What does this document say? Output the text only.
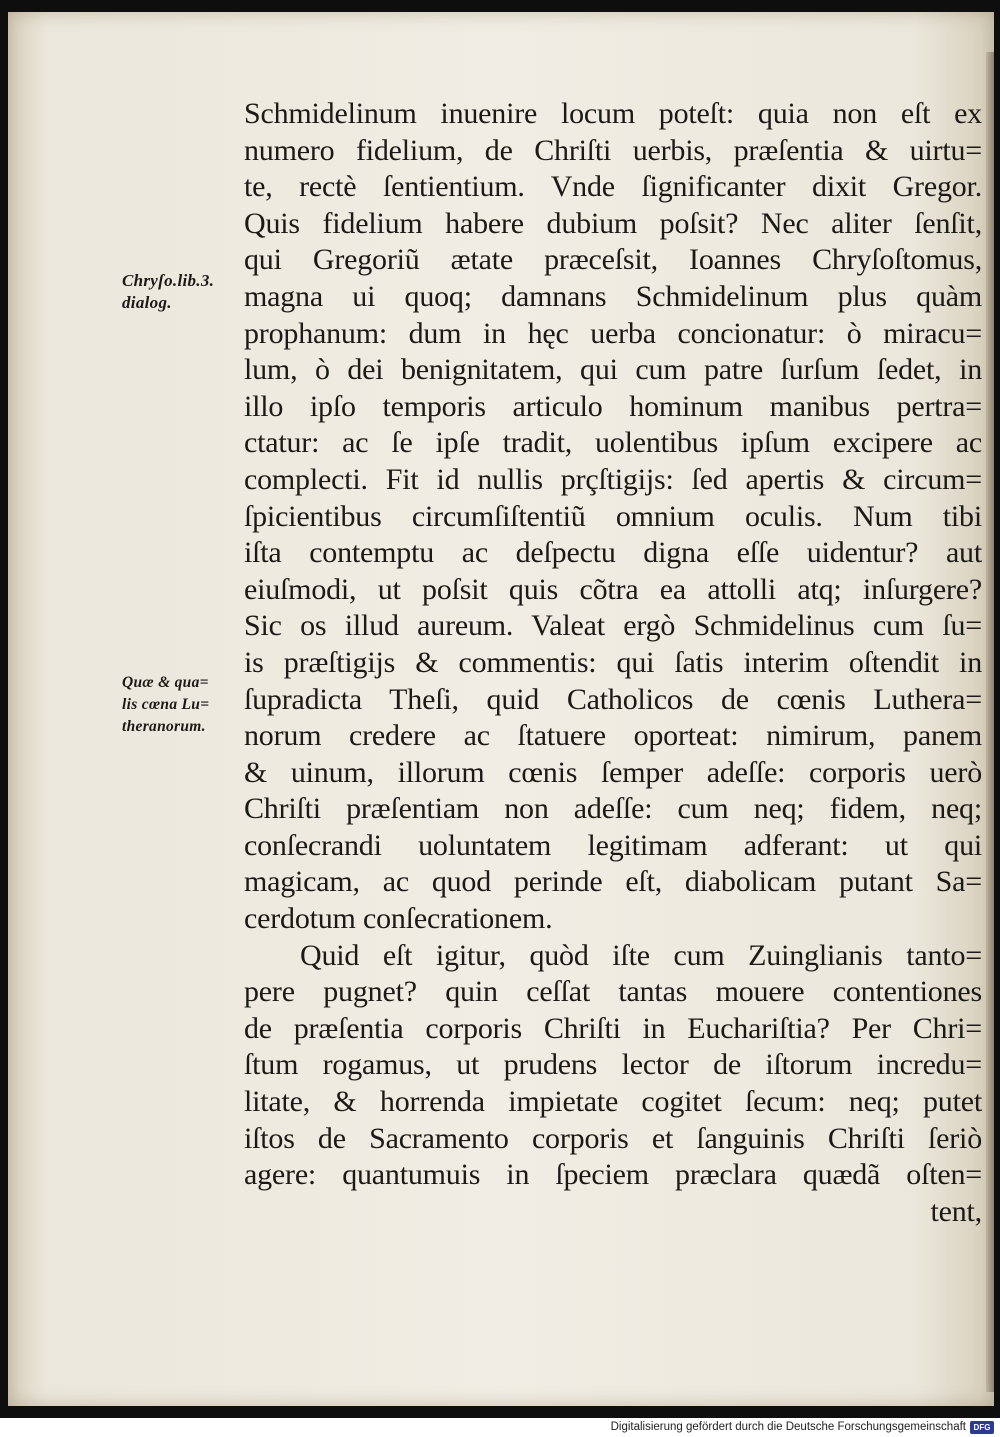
Chryſo.lib.3.
dialog.
Quæ & qua=
lis cœna Lu=
theranorum.
Schmidelinum inuenire locum poteſt: quia non eſt ex
numero fidelium, de Chriſti uerbis, præſentia & uirtu=
te, rectè ſentientium. Vnde ſignificanter dixit Gregor.
Quis fidelium habere dubium poſsit? Nec aliter ſenſit,
qui Gregoriũ ætate præceſsit, Ioannes Chryſoſtomus,
magna ui quoq; damnans Schmidelinum plus quàm
prophanum: dum in hęc uerba concionatur: ò miracu=
lum, ò dei benignitatem, qui cum patre ſurſum ſedet, in
illo ipſo temporis articulo hominum manibus pertra=
ctatur: ac ſe ipſe tradit, uolentibus ipſum excipere ac
complecti. Fit id nullis prçſtigijs: ſed apertis & circum=
ſpicientibus circumſiſtentiũ omnium oculis. Num tibi
iſta contemptu ac deſpectu digna eſſe uidentur? aut
eiuſmodi, ut poſsit quis cõtra ea attolli atq; inſurgere?
Sic os illud aureum. Valeat ergò Schmidelinus cum ſu=
is præſtigijs & commentis: qui ſatis interim oſtendit in
ſupradicta Theſi, quid Catholicos de cœnis Luthera=
norum credere ac ſtatuere oporteat: nimirum, panem
& uinum, illorum cœnis ſemper adeſſe: corporis uerò
Chriſti præſentiam non adeſſe: cum neq; fidem, neq;
conſecrandi uoluntatem legitimam adferant: ut qui
magicam, ac quod perinde eſt, diabolicam putant Sa=
cerdotum conſecrationem.
Quid eſt igitur, quòd iſte cum Zuinglianis tanto=
pere pugnet? quin ceſſat tantas mouere contentiones
de præſentia corporis Chriſti in Euchariſtia? Per Chri=
ſtum rogamus, ut prudens lector de iſtorum incredu=
litate, & horrenda impietate cogitet ſecum: neq; putet
iſtos de Sacramento corporis et ſanguinis Chriſti ſeriò
agere: quantumuis in ſpeciem præclara quædã oſten=
tent,
Digitalisierung gefördert durch die Deutsche Forschungsgemeinschaft DFG
